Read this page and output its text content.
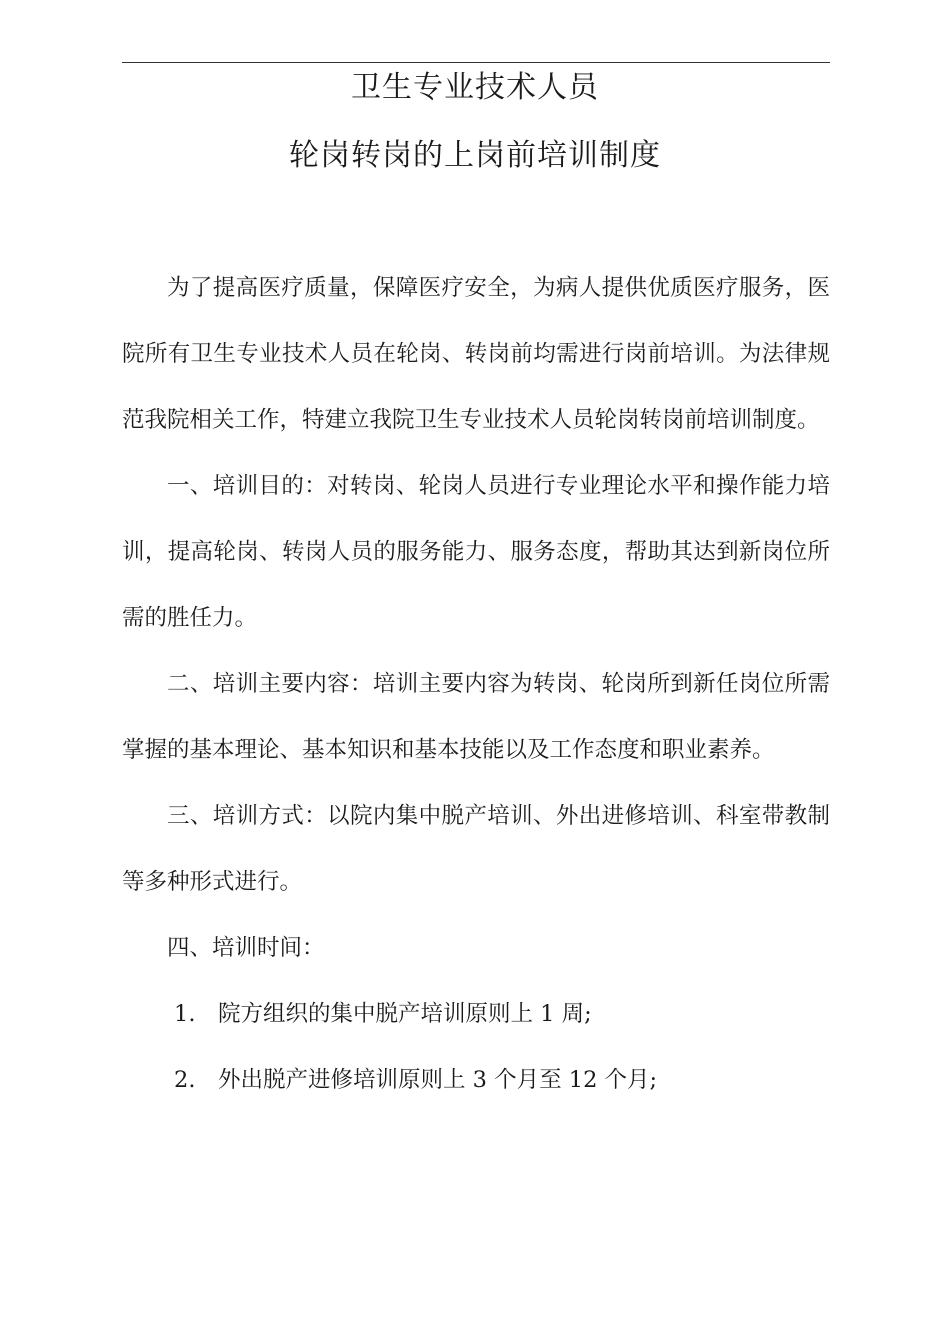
卫生专业技术人员
轮岗转岗的上岗前培训制度

为了提高医疗质量，保障医疗安全，为病人提供优质医疗服务，医院所有卫生专业技术人员在轮岗、转岗前均需进行岗前培训。为法律规范我院相关工作，特建立我院卫生专业技术人员轮岗转岗前培训制度。

一、培训目的：对转岗、轮岗人员进行专业理论水平和操作能力培训，提高轮岗、转岗人员的服务能力、服务态度，帮助其达到新岗位所需的胜任力。

二、培训主要内容：培训主要内容为转岗、轮岗所到新任岗位所需掌握的基本理论、基本知识和基本技能以及工作态度和职业素养。

三、培训方式：以院内集中脱产培训、外出进修培训、科室带教制等多种形式进行。

四、培训时间：

1. 院方组织的集中脱产培训原则上 1 周;

2. 外出脱产进修培训原则上 3 个月至 12 个月;
